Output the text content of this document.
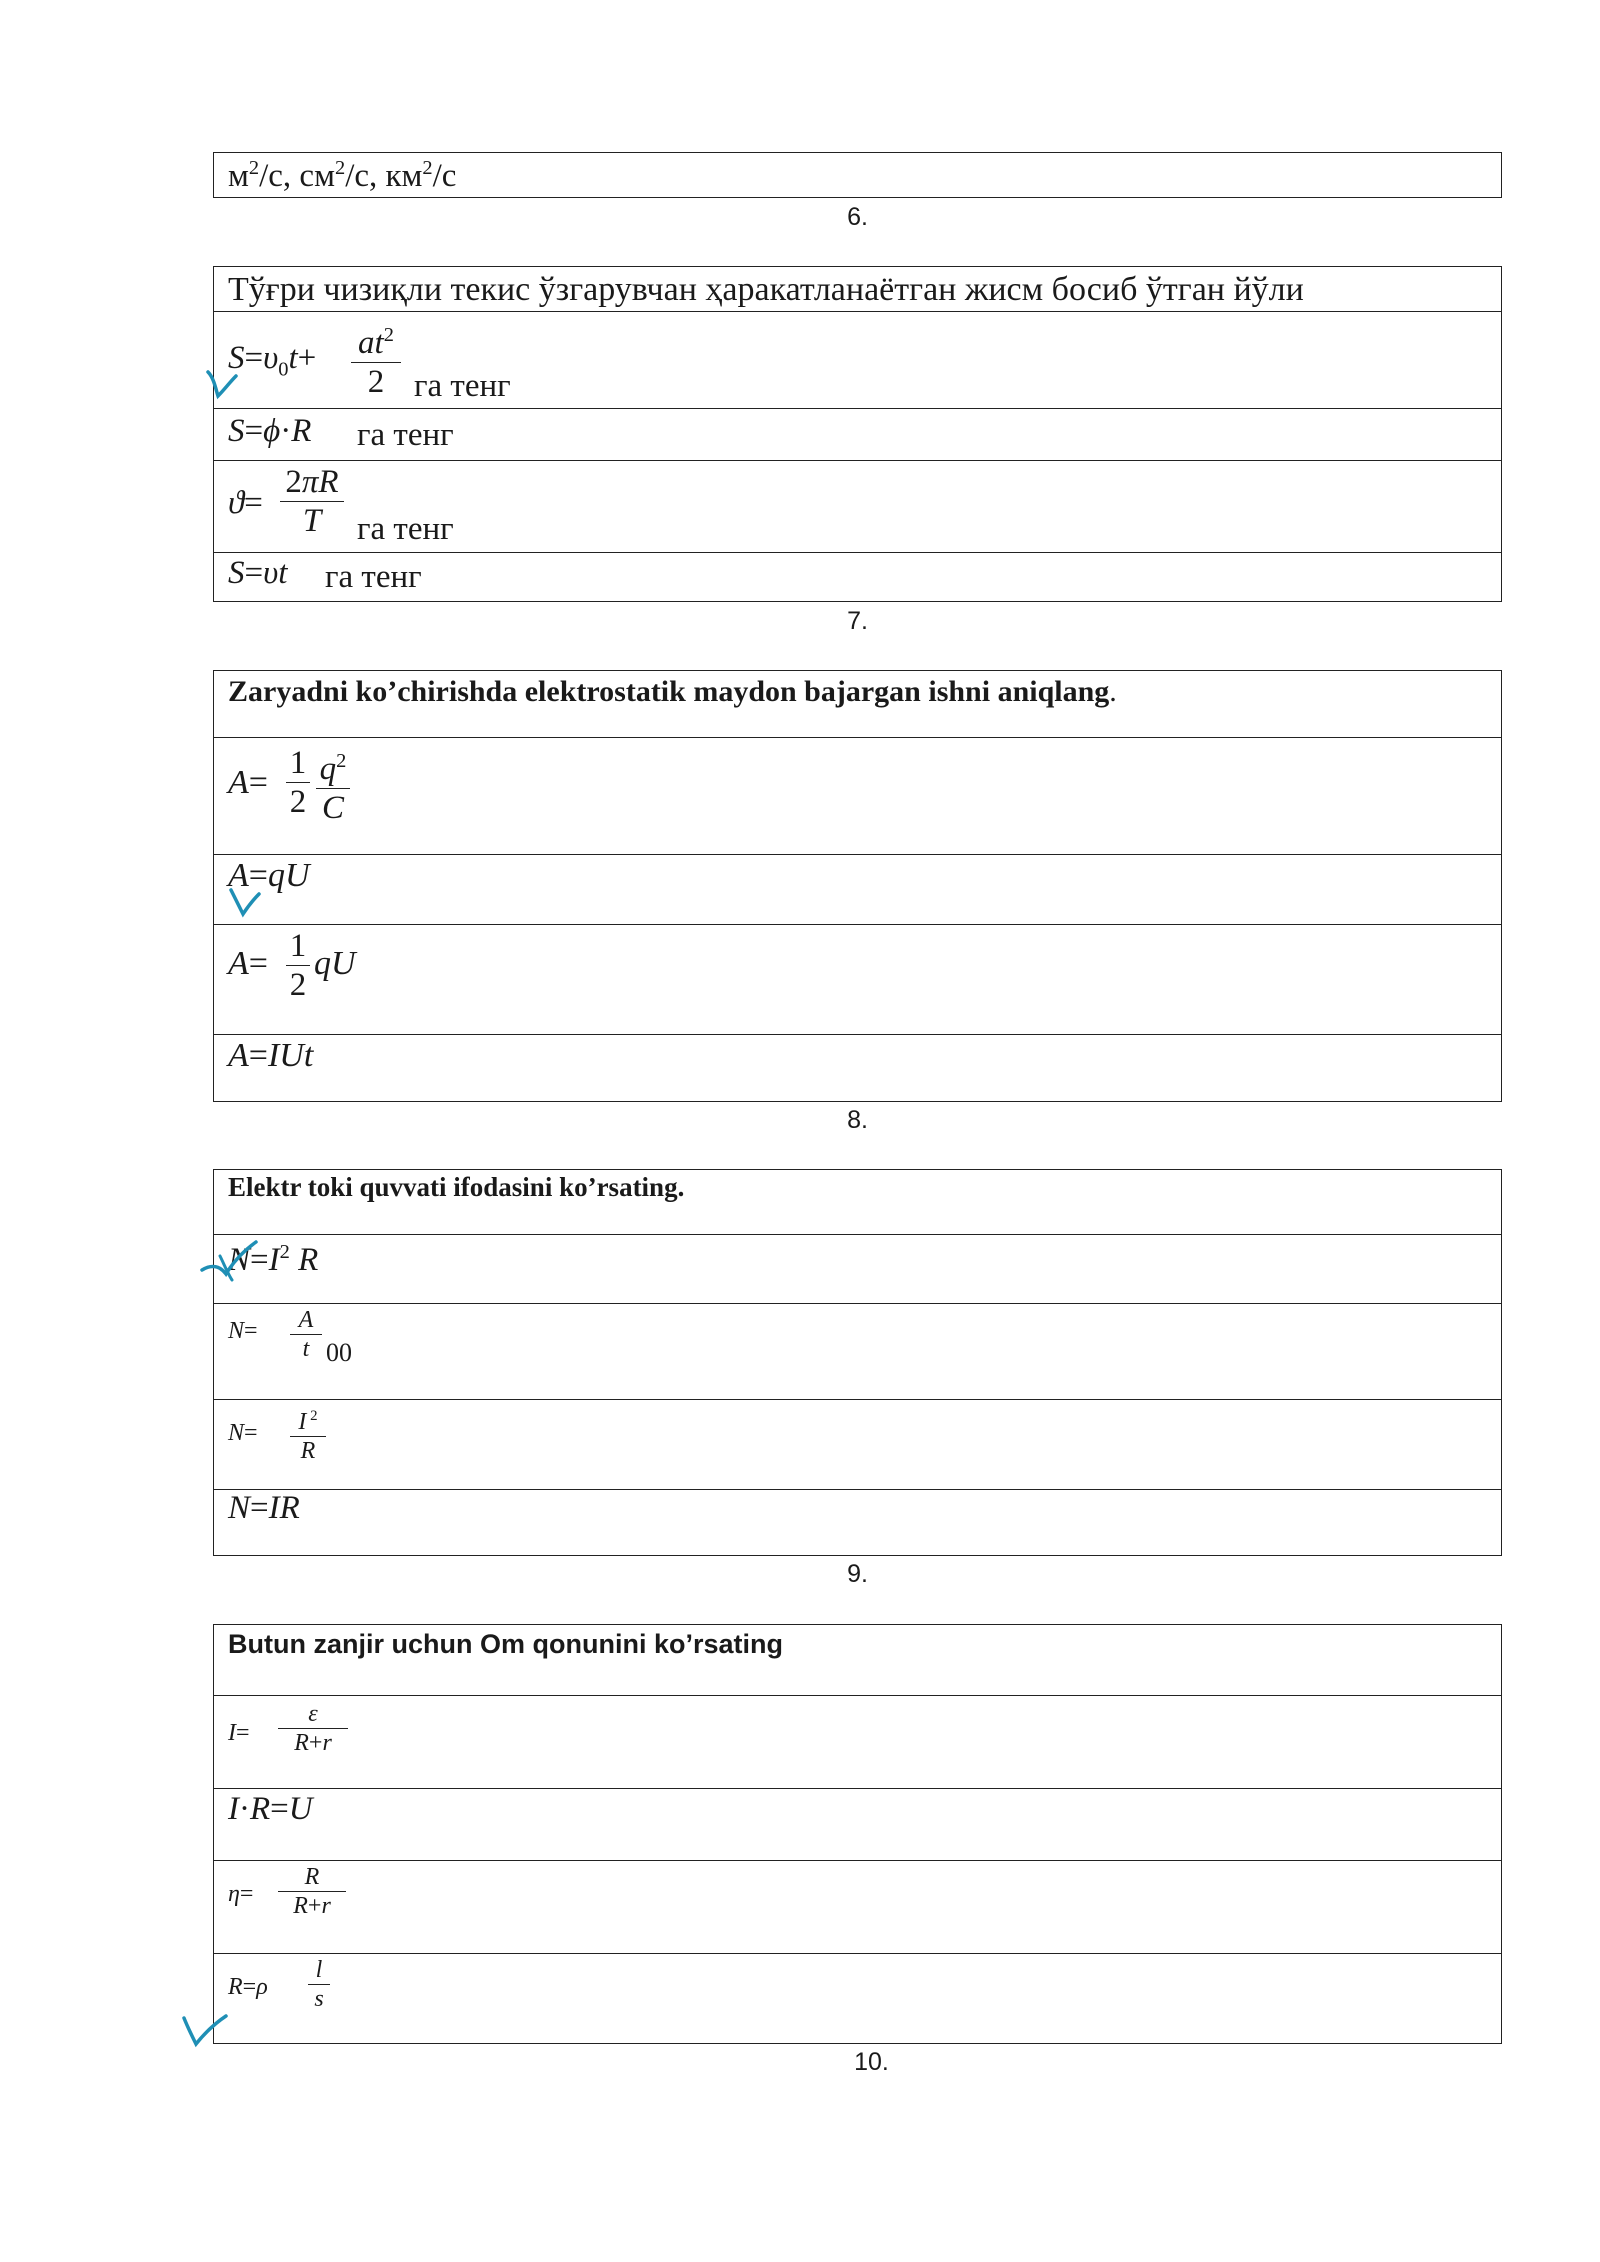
$м^2/с$, $см^2/с$, $км^2/с$
6.
Тўғри чизиқли текис ўзгарувчан ҳаракатланаётган жисм босиб ўтган йўли
$S=\upsilon_0t+ at^2$
2 га тенг
S=ϕ·R га тенг
ϑ=
2πR
T	га тенг
S=υt га тенг
7.
Zaryadni ko’chirishda elektrostatik maydon bajargan ishni aniqlang.
A=
1
2
$q^2$
C
A=qU
A= 1
2
qU
A=IUt
8.
Elektr toki quvvati ifodasini ko’rsating.
$N=I^2$ R
N=	A
t 00
N=	I $^2$
R
N=IR
9.
Butun zanjir uchun Om qonunini ko’rsating
I=
ε
R+r
I·R=U
η=
R
R+r
R=ρ
l
s
10.
